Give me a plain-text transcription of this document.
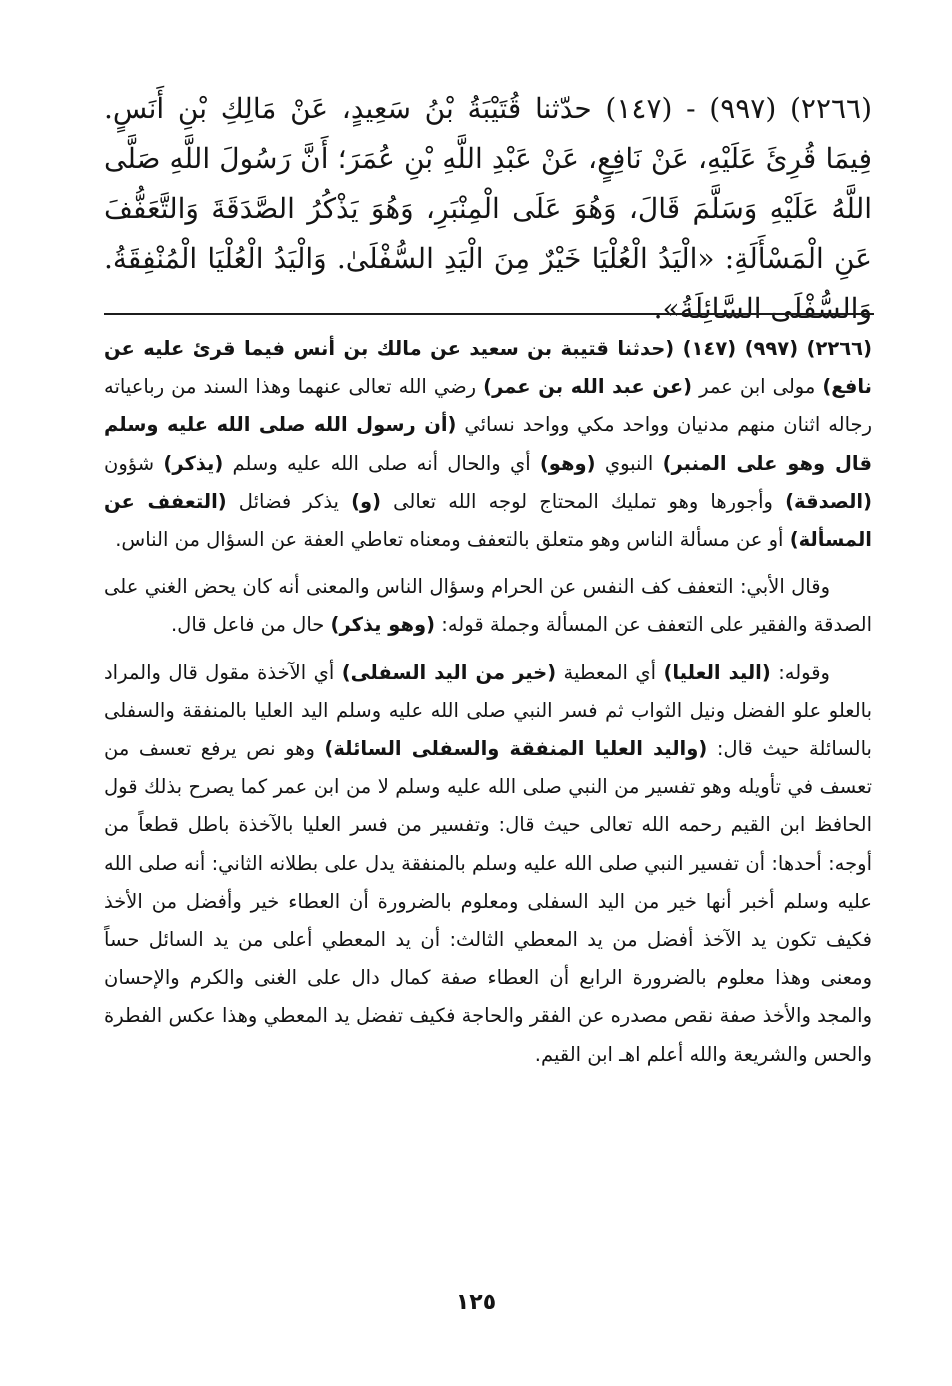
(٢٢٦٦) (٩٩٧) - (١٤٧) حدّثنا قُتَيْبَةُ بْنُ سَعِيدٍ، عَنْ مَالِكِ بْنِ أَنَسٍ. فِيمَا قُرِئَ عَلَيْهِ، عَنْ نَافِعٍ، عَنْ عَبْدِ اللَّهِ بْنِ عُمَرَ؛ أَنَّ رَسُولَ اللَّهِ صَلَّى اللَّهُ عَلَيْهِ وَسَلَّمَ قَالَ، وَهُوَ عَلَى الْمِنْبَرِ، وَهُوَ يَذْكُرُ الصَّدَقَةَ وَالتَّعَفُّفَ عَنِ الْمَسْأَلَةِ: «الْيَدُ الْعُلْيَا خَيْرٌ مِنَ الْيَدِ السُّفْلَىٰ. وَالْيَدُ الْعُلْيَا الْمُنْفِقَةُ. وَالسُّفْلَى السَّائِلَةُ».

(٢٢٦٦) (٩٩٧) (١٤٧) (حدثنا قتيبة بن سعيد عن مالك بن أنس فيما قرئ عليه عن نافع) مولى ابن عمر (عن عبد الله بن عمر) رضي الله تعالى عنهما وهذا السند من رباعياته رجاله اثنان منهم مدنيان وواحد مكي وواحد نسائي (أن رسول الله صلى الله عليه وسلم قال وهو على المنبر) النبوي (وهو) أي والحال أنه صلى الله عليه وسلم (يذكر) شؤون (الصدقة) وأجورها وهو تمليك المحتاج لوجه الله تعالى (و) يذكر فضائل (التعفف عن المسألة) أو عن مسألة الناس وهو متعلق بالتعفف ومعناه تعاطي العفة عن السؤال من الناس.

وقال الأبي: التعفف كف النفس عن الحرام وسؤال الناس والمعنى أنه كان يحض الغني على الصدقة والفقير على التعفف عن المسألة وجملة قوله: (وهو يذكر) حال من فاعل قال.

وقوله: (اليد العليا) أي المعطية (خير من اليد السفلى) أي الآخذة مقول قال والمراد بالعلو علو الفضل ونيل الثواب ثم فسر النبي صلى الله عليه وسلم اليد العليا بالمنفقة والسفلى بالسائلة حيث قال: (واليد العليا المنفقة والسفلى السائلة) وهو نص يرفع تعسف من تعسف في تأويله وهو تفسير من النبي صلى الله عليه وسلم لا من ابن عمر كما يصرح بذلك قول الحافظ ابن القيم رحمه الله تعالى حيث قال: وتفسير من فسر العليا بالآخذة باطل قطعاً من أوجه: أحدها: أن تفسير النبي صلى الله عليه وسلم بالمنفقة يدل على بطلانه الثاني: أنه صلى الله عليه وسلم أخبر أنها خير من اليد السفلى ومعلوم بالضرورة أن العطاء خير وأفضل من الأخذ فكيف تكون يد الآخذ أفضل من يد المعطي الثالث: أن يد المعطي أعلى من يد السائل حساً ومعنى وهذا معلوم بالضرورة الرابع أن العطاء صفة كمال دال على الغنى والكرم والإحسان والمجد والأخذ صفة نقص مصدره عن الفقر والحاجة فكيف تفضل يد المعطي وهذا عكس الفطرة والحس والشريعة والله أعلم اهـ ابن القيم.

١٢٥
